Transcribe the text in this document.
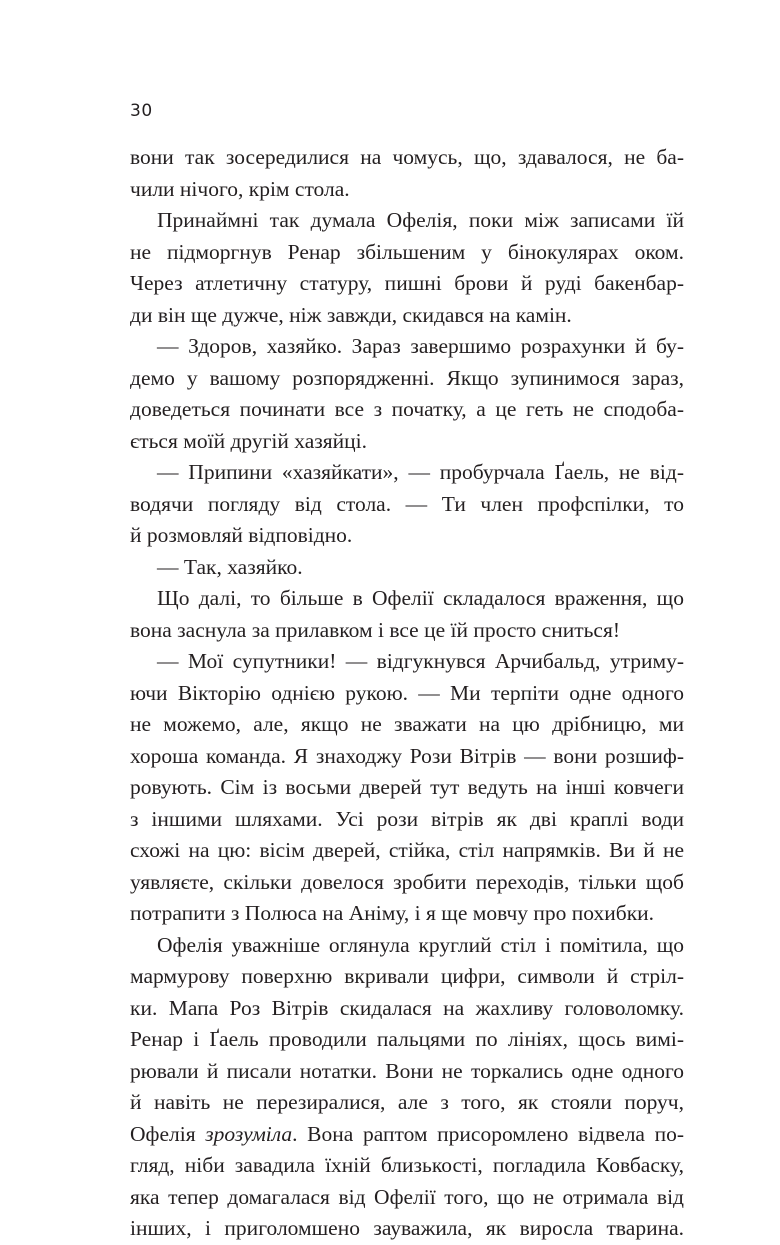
30
вони так зосередилися на чомусь, що, здавалося, не ба-
чили нічого, крім стола.
Принаймні так думала Офелія, поки між записами їй
не підморгнув Ренар збільшеним у бінокулярах оком.
Через атлетичну статуру, пишні брови й руді бакенбар-
ди він ще дужче, ніж завжди, скидався на камін.
— Здоров, хазяйко. Зараз завершимо розрахунки й бу-
демо у вашому розпорядженні. Якщо зупинимося зараз,
доведеться починати все з початку, а це геть не сподоба-
ється моїй другій хазяйці.
— Припини «хазяйкати», — пробурчала Ґаель, не від-
водячи погляду від стола. — Ти член профспілки, то
й розмовляй відповідно.
— Так, хазяйко.
Що далі, то більше в Офелії складалося враження, що
вона заснула за прилавком і все це їй просто сниться!
— Мої супутники! — відгукнувся Арчибальд, утриму-
ючи Вікторію однією рукою. — Ми терпіти одне одного
не можемо, але, якщо не зважати на цю дрібницю, ми
хороша команда. Я знаходжу Рози Вітрів — вони розшиф-
ровують. Сім із восьми дверей тут ведуть на інші ковчеги
з іншими шляхами. Усі рози вітрів як дві краплі води
схожі на цю: вісім дверей, стійка, стіл напрямків. Ви й не
уявляєте, скільки довелося зробити переходів, тільки щоб
потрапити з Полюса на Аніму, і я ще мовчу про похибки.
Офелія уважніше оглянула круглий стіл і помітила, що
мармурову поверхню вкривали цифри, символи й стріл-
ки. Мапа Роз Вітрів скидалася на жахливу головоломку.
Ренар і Ґаель проводили пальцями по лініях, щось вимі-
рювали й писали нотатки. Вони не торкались одне одного
й навіть не перезиралися, але з того, як стояли поруч,
Офелія зрозуміла. Вона раптом присоромлено відвела по-
гляд, ніби завадила їхній близькості, погладила Ковбаску,
яка тепер домагалася від Офелії того, що не отримала від
інших, і приголомшено зауважила, як виросла тварина.
